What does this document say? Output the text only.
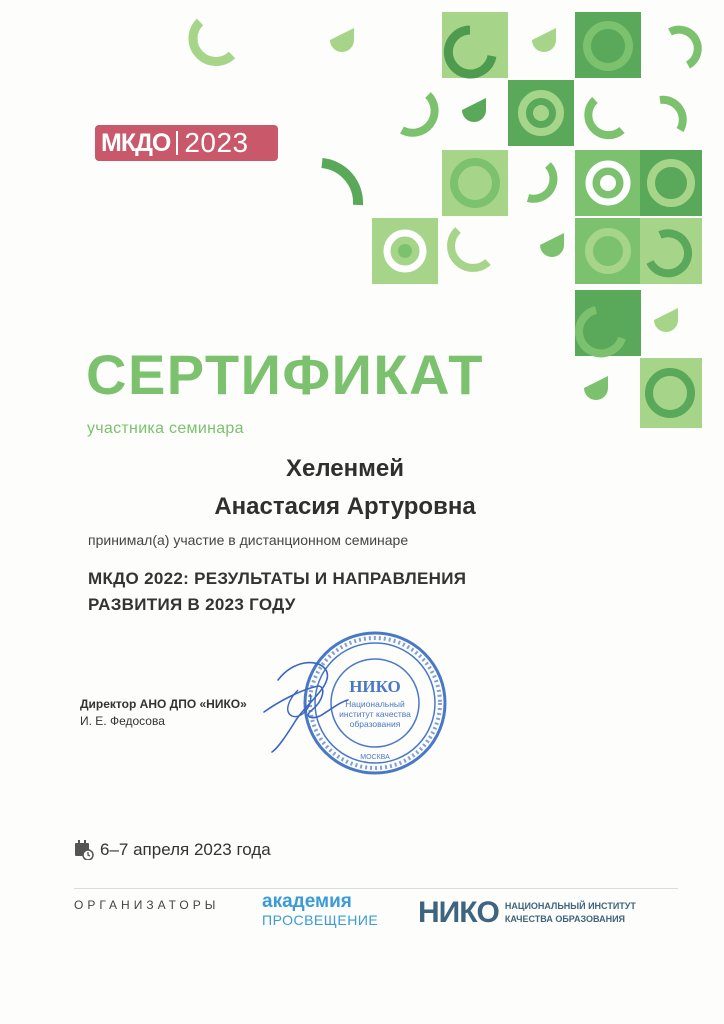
МКДО 2023
СЕРТИФИКАТ
участника семинара
Хеленмей
Анастасия Артуровна
принимал(а) участие в дистанционном семинаре
МКДО 2022: РЕЗУЛЬТАТЫ И НАПРАВЛЕНИЯ
РАЗВИТИЯ В 2023 ГОДУ
Директор АНО ДПО «НИКО»
И. Е. Федосова
НИКО
Национальный
институт качества
образования
МОСКВА
6–7 апреля 2023 года
ОРГАНИЗАТОРЫ академия
ПРОСВЕЩЕНИЕ НИКО НАЦИОНАЛЬНЫЙ ИНСТИТУТ
КАЧЕСТВА ОБРАЗОВАНИЯ
